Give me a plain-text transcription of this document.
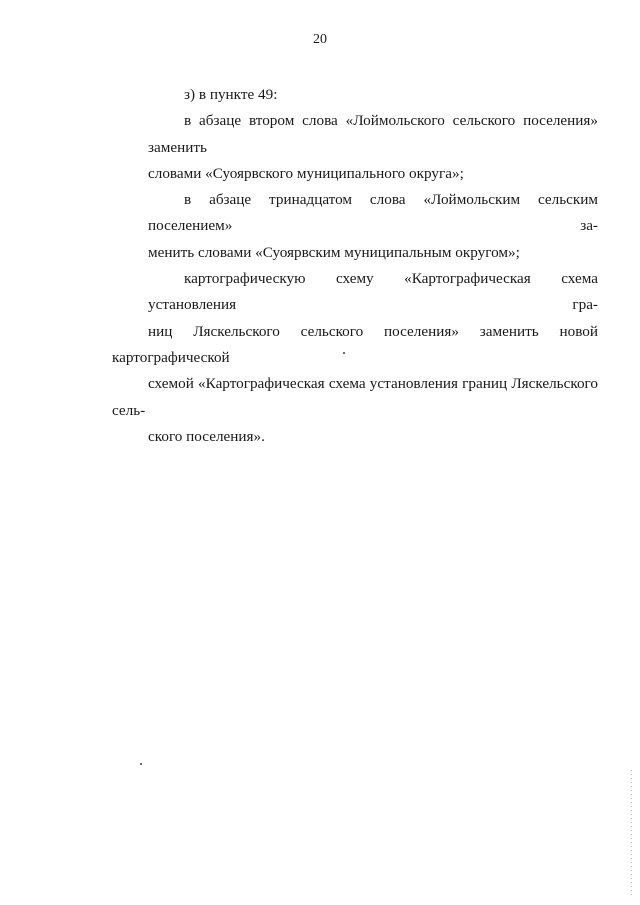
20
з) в пункте 49:
в абзаце втором слова «Лоймольского сельского поселения» заменить
словами «Суоярвского муниципального округа»;
в абзаце тринадцатом слова «Лоймольским сельским поселением» за-
менить словами «Суоярвским муниципальным округом»;
картографическую схему «Картографическая схема установления гра-
ниц Ляскельского сельского поселения» заменить новой картографической
схемой «Картографическая схема установления границ Ляскельского сель-
ского поселения».
